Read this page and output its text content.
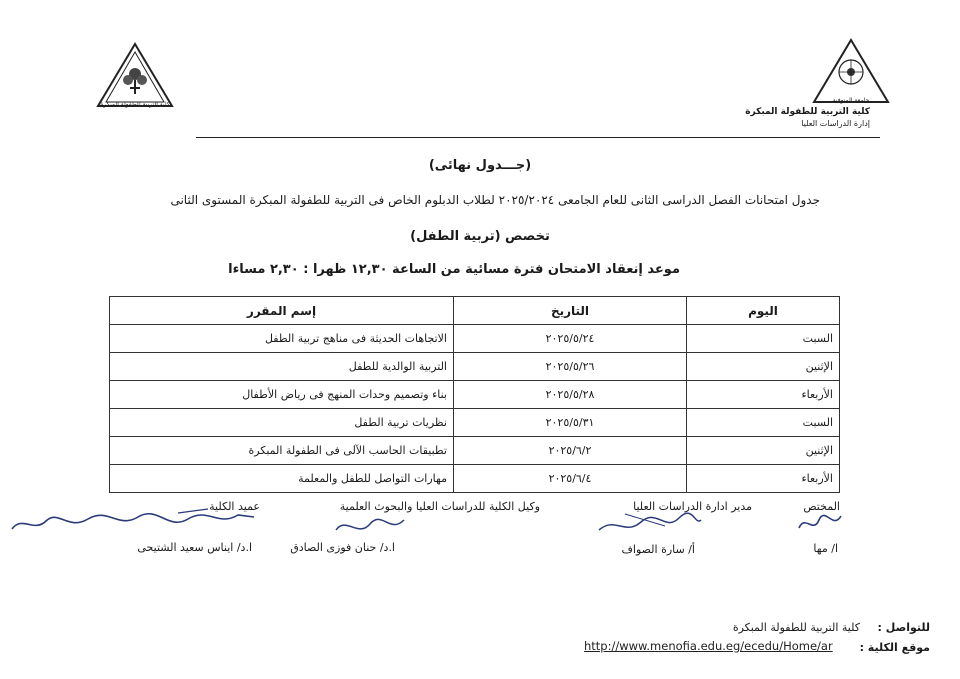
كلية التربية للطفولة المبكرة
جامعة المنوفية
كلية التربية للطفولة المبكرة
إدارة الدراسات العليا
(جـــدول نهائى)
جدول امتحانات الفصل الدراسى الثانى للعام الجامعى ٢٠٢٥/٢٠٢٤ لطلاب الدبلوم الخاص فى التربية للطفولة المبكرة المستوى الثانى
تخصص (تربية الطفل)
موعد إنعقاد الامتحان فترة مسائية من الساعة ١٢,٣٠ ظهرا : ٢,٣٠ مساءا
اليوم	التاريخ	إسم المقرر
السبت	٢٠٢٥/٥/٢٤	الاتجاهات الحديثة فى مناهج تربية الطفل
الإثنين	٢٠٢٥/٥/٢٦	التربية الوالدية للطفل
الأربعاء	٢٠٢٥/٥/٢٨	بناء وتصميم وحدات المنهج فى رياض الأطفال
السبت	٢٠٢٥/٥/٣١	نظريات تربية الطفل
الإثنين	٢٠٢٥/٦/٢	تطبيقات الحاسب الآلى فى الطفولة المبكرة
الأربعاء	٢٠٢٥/٦/٤	مهارات التواصل للطفل والمعلمة
المختص
ا/ مها
مدير ادارة الدراسات العليا
أ/ سارة الصواف
وكيل الكلية للدراسات العليا والبحوث العلمية
ا.د/ حنان فوزى الصادق
عميد الكلية
ا.د/ ايناس سعيد الشتيحى
للتواصل :
كلية التربية للطفولة المبكرة
موقع الكلية :
http://www.menofia.edu.eg/ecedu/Home/ar
